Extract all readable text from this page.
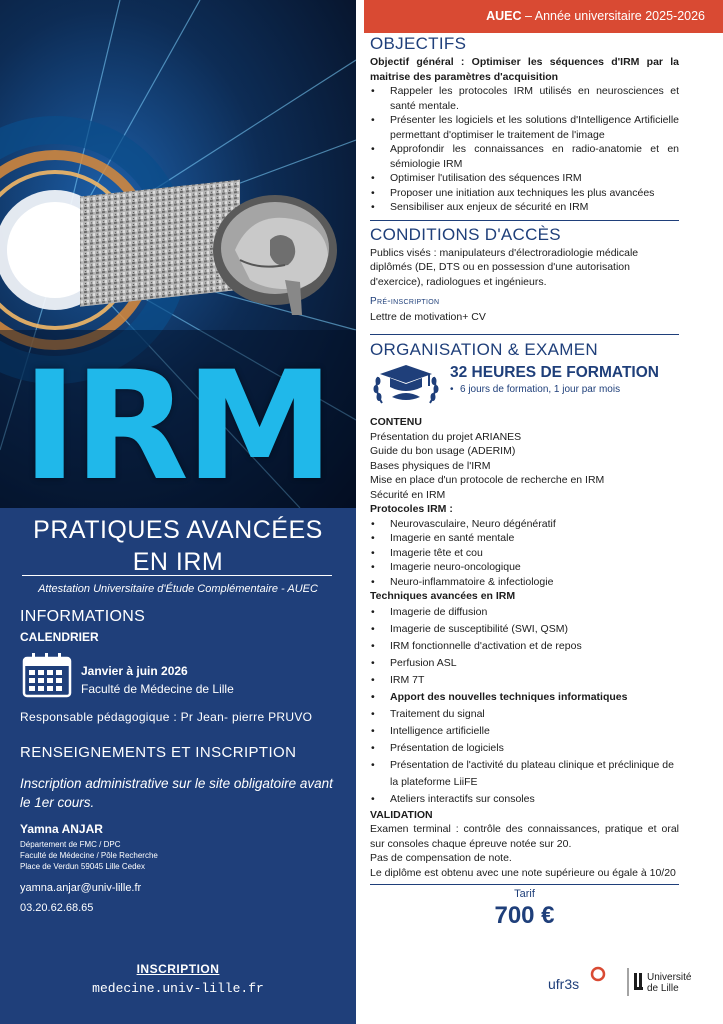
IRM
PRATIQUES AVANCÉES
EN IRM
Attestation Universitaire d'Étude Complémentaire - AUEC
INFORMATIONS
CALENDRIER
Janvier à juin 2026
Faculté de Médecine de Lille
Responsable pédagogique : Pr Jean- pierre PRUVO
RENSEIGNEMENTS ET INSCRIPTION
Inscription administrative sur le site obligatoire avant le 1er cours.
Yamna ANJAR
Département de FMC / DPC
Faculté de Médecine / Pôle Recherche
Place de Verdun 59045 Lille Cedex
yamna.anjar@univ-lille.fr
03.20.62.68.65
INSCRIPTION
medecine.univ-lille.fr
AUEC – Année universitaire 2025-2026
OBJECTIFS
Objectif général : Optimiser les séquences d'IRM par la maitrise des paramètres d'acquisition
• Rappeler les protocoles IRM utilisés en neurosciences et santé mentale.
• Présenter les logiciels et les solutions d'Intelligence Artificielle permettant d'optimiser le traitement de l'image
• Approfondir les connaissances en radio-anatomie et en sémiologie IRM
• Optimiser l'utilisation des séquences IRM
• Proposer une initiation aux techniques les plus avancées
• Sensibiliser aux enjeux de sécurité en IRM
CONDITIONS D'ACCÈS
Publics visés : manipulateurs d'électroradiologie médicale diplômés (DE, DTS ou en possession d'une autorisation d'exercice), radiologues et ingénieurs.
Pré-inscription
Lettre de motivation+ CV
ORGANISATION & EXAMEN
32 HEURES DE FORMATION
• 6 jours de formation, 1 jour par mois
CONTENU
Présentation du projet ARIANES
Guide du bon usage (ADERIM)
Bases physiques de l'IRM
Mise en place d'un protocole de recherche en IRM
Sécurité en IRM
Protocoles IRM :
• Neurovasculaire, Neuro dégénératif
• Imagerie en santé mentale
• Imagerie tête et cou
• Imagerie neuro-oncologique
• Neuro-inflammatoire & infectiologie
Techniques avancées en IRM
• Imagerie de diffusion
• Imagerie de susceptibilité (SWI, QSM)
• IRM fonctionnelle d'activation et de repos
• Perfusion ASL
• IRM 7T
• Apport des nouvelles techniques informatiques
• Traitement du signal
• Intelligence artificielle
• Présentation de logiciels
• Présentation de l'activité du plateau clinique et préclinique de la plateforme LiiFE
• Ateliers interactifs sur consoles
VALIDATION
Examen terminal : contrôle des connaissances, pratique et oral sur consoles chaque épreuve notée sur 20.
Pas de compensation de note.
Le diplôme est obtenu avec une note supérieure ou égale à 10/20
Tarif
700 €
ufr3s	Université
de Lille
